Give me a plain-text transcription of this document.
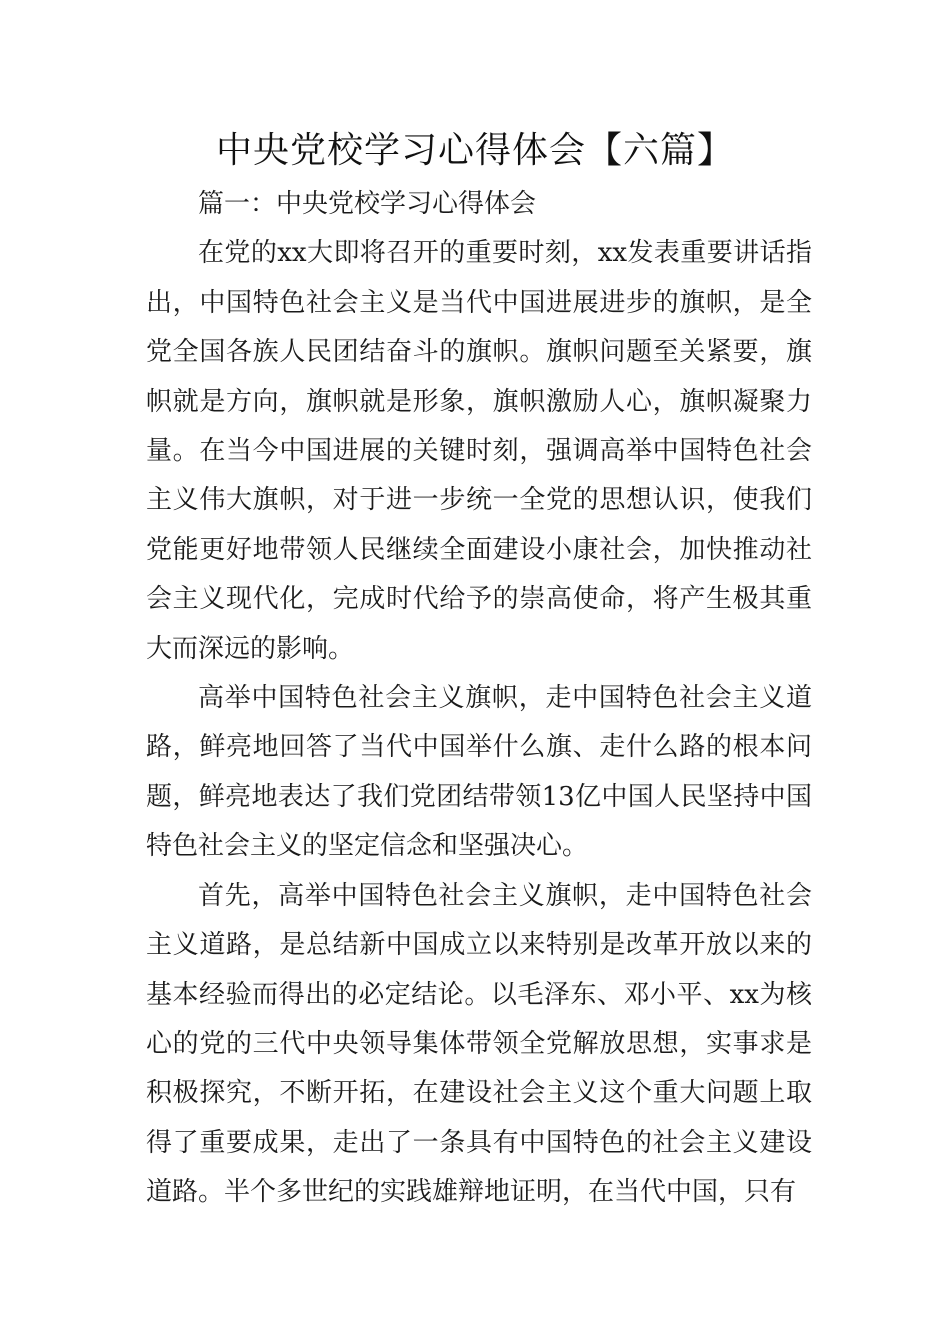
中央党校学习心得体会【六篇】

篇一：中央党校学习心得体会

在党的xx大即将召开的重要时刻，xx发表重要讲话指出，中国特色社会主义是当代中国进展进步的旗帜，是全党全国各族人民团结奋斗的旗帜。旗帜问题至关紧要，旗帜就是方向，旗帜就是形象，旗帜激励人心，旗帜凝聚力量。在当今中国进展的关键时刻，强调高举中国特色社会主义伟大旗帜，对于进一步统一全党的思想认识，使我们党能更好地带领人民继续全面建设小康社会，加快推动社会主义现代化，完成时代给予的崇高使命，将产生极其重大而深远的影响。

高举中国特色社会主义旗帜，走中国特色社会主义道路，鲜亮地回答了当代中国举什么旗、走什么路的根本问题，鲜亮地表达了我们党团结带领13亿中国人民坚持中国特色社会主义的坚定信念和坚强决心。

首先，高举中国特色社会主义旗帜，走中国特色社会主义道路，是总结新中国成立以来特别是改革开放以来的基本经验而得出的必定结论。以毛泽东、邓小平、xx为核心的党的三代中央领导集体带领全党解放思想，实事求是积极探究，不断开拓，在建设社会主义这个重大问题上取得了重要成果，走出了一条具有中国特色的社会主义建设道路。半个多世纪的实践雄辩地证明，在当代中国，只有
